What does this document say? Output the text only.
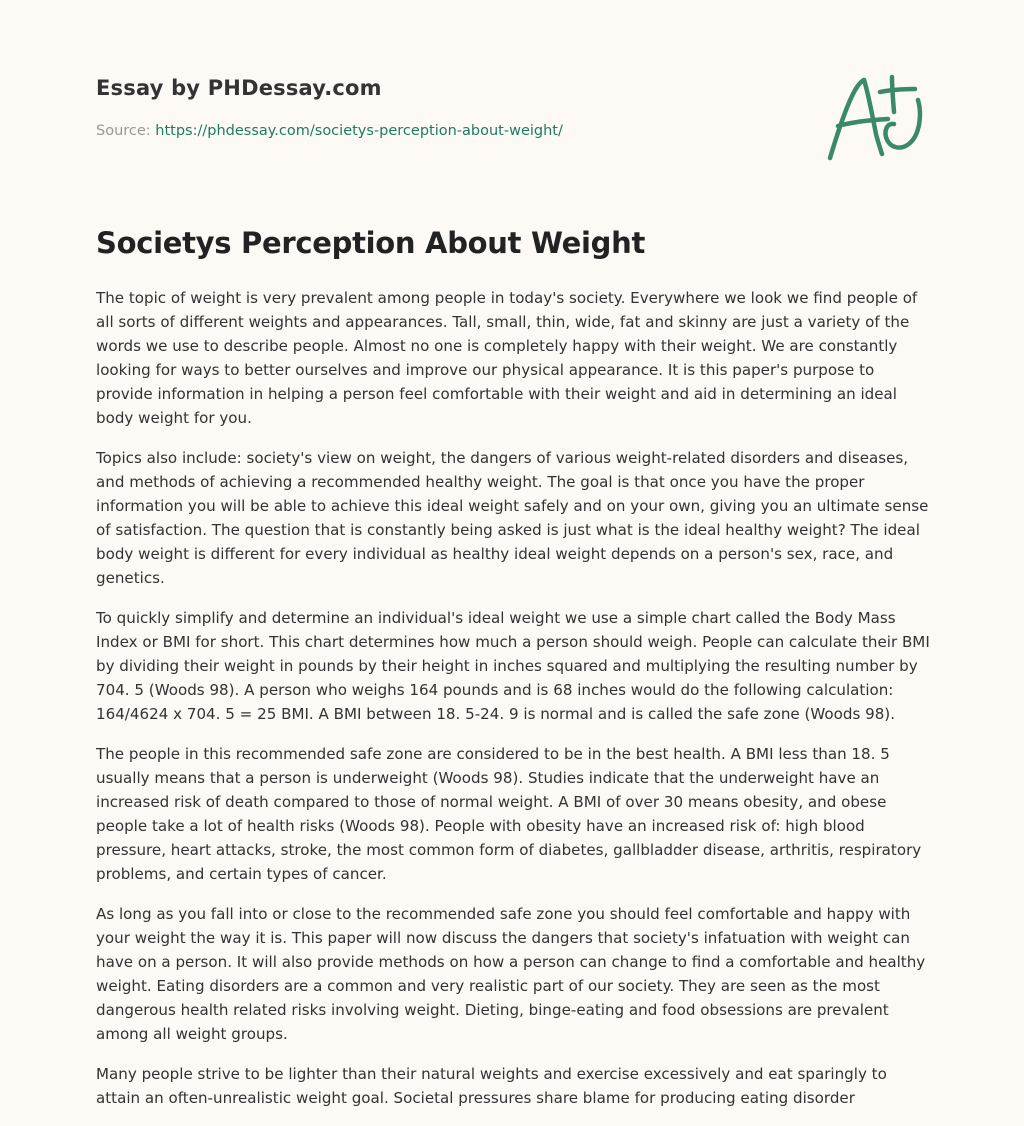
Essay by PHDessay.com
Source: https://phdessay.com/societys-perception-about-weight/
Societys Perception About Weight

The topic of weight is very prevalent among people in today's society. Everywhere we look we find people of all sorts of different weights and appearances. Tall, small, thin, wide, fat and skinny are just a variety of the words we use to describe people. Almost no one is completely happy with their weight. We are constantly looking for ways to better ourselves and improve our physical appearance. It is this paper's purpose to provide information in helping a person feel comfortable with their weight and aid in determining an ideal body weight for you.

Topics also include: society's view on weight, the dangers of various weight-related disorders and diseases, and methods of achieving a recommended healthy weight. The goal is that once you have the proper information you will be able to achieve this ideal weight safely and on your own, giving you an ultimate sense of satisfaction. The question that is constantly being asked is just what is the ideal healthy weight? The ideal body weight is different for every individual as healthy ideal weight depends on a person's sex, race, and genetics.

To quickly simplify and determine an individual's ideal weight we use a simple chart called the Body Mass Index or BMI for short. This chart determines how much a person should weigh. People can calculate their BMI by dividing their weight in pounds by their height in inches squared and multiplying the resulting number by 704. 5 (Woods 98). A person who weighs 164 pounds and is 68 inches would do the following calculation: 164/4624 x 704. 5 = 25 BMI. A BMI between 18. 5-24. 9 is normal and is called the safe zone (Woods 98).

The people in this recommended safe zone are considered to be in the best health. A BMI less than 18. 5 usually means that a person is underweight (Woods 98). Studies indicate that the underweight have an increased risk of death compared to those of normal weight. A BMI of over 30 means obesity, and obese people take a lot of health risks (Woods 98). People with obesity have an increased risk of: high blood pressure, heart attacks, stroke, the most common form of diabetes, gallbladder disease, arthritis, respiratory problems, and certain types of cancer.

As long as you fall into or close to the recommended safe zone you should feel comfortable and happy with your weight the way it is. This paper will now discuss the dangers that society's infatuation with weight can have on a person. It will also provide methods on how a person can change to find a comfortable and healthy weight. Eating disorders are a common and very realistic part of our society. They are seen as the most dangerous health related risks involving weight. Dieting, binge-eating and food obsessions are prevalent among all weight groups.

Many people strive to be lighter than their natural weights and exercise excessively and eat sparingly to attain an often-unrealistic weight goal. Societal pressures share blame for producing eating disorder
